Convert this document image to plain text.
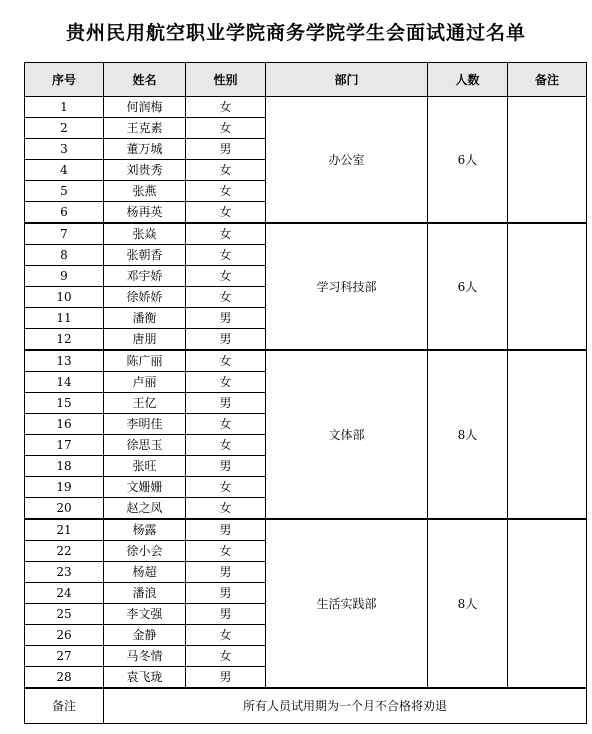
贵州民用航空职业学院商务学院学生会面试通过名单
序号	姓名	性别	部门	人数	备注
1	何润梅	女	办公室	6人	
2	王克素	女			
3	董万城	男			
4	刘贵秀	女			
5	张燕	女			
6	杨再英	女			
7	张焱	女	学习科技部	6人	
8	张朝香	女			
9	邓宇娇	女			
10	徐娇娇	女			
11	潘衡	男			
12	唐朋	男			
13	陈广丽	女	文体部	8人	
14	卢丽	女			
15	王亿	男			
16	李明佳	女			
17	徐思玉	女			
18	张旺	男			
19	文姗姗	女			
20	赵之凤	女			
21	杨露	男	生活实践部	8人	
22	徐小会	女			
23	杨超	男			
24	潘浪	男			
25	李文强	男			
26	金静	女			
27	马冬情	女			
28	袁飞珑	男			
备注	所有人员试用期为一个月不合格将劝退				
